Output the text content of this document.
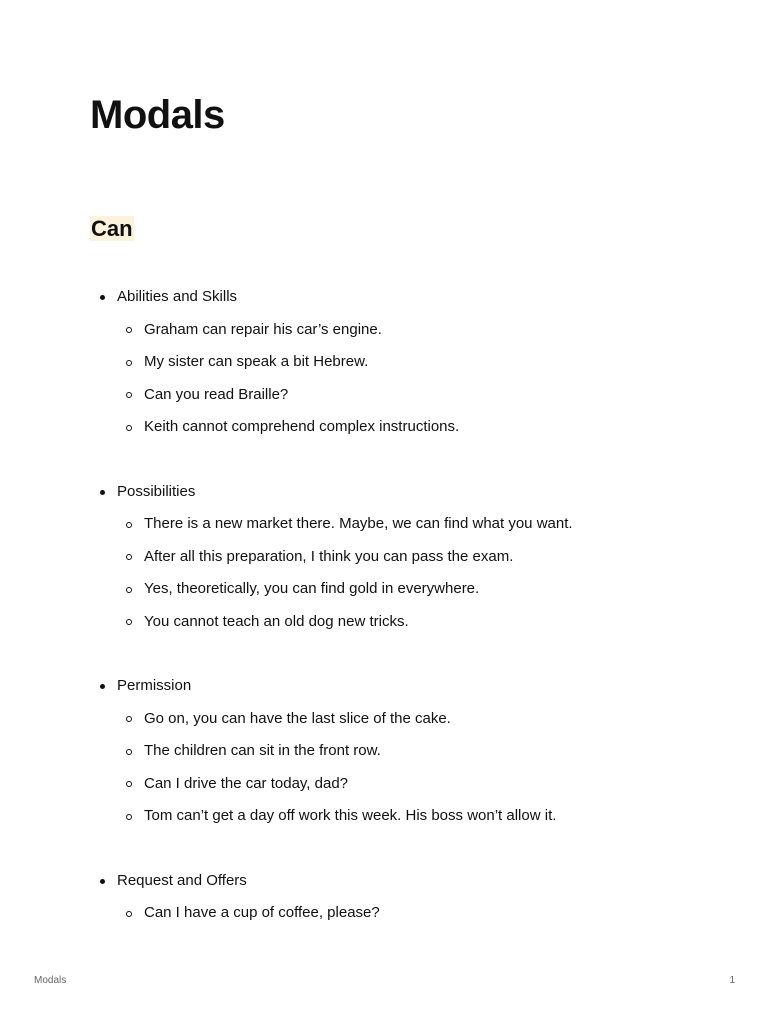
Modals
Can
Abilities and Skills
Graham can repair his car’s engine.
My sister can speak a bit Hebrew.
Can you read Braille?
Keith cannot comprehend complex instructions.
Possibilities
There is a new market there. Maybe, we can find what you want.
After all this preparation, I think you can pass the exam.
Yes, theoretically, you can find gold in everywhere.
You cannot teach an old dog new tricks.
Permission
Go on, you can have the last slice of the cake.
The children can sit in the front row.
Can I drive the car today, dad?
Tom can’t get a day off work this week. His boss won’t allow it.
Request and Offers
Can I have a cup of coffee, please?
Modals	1
